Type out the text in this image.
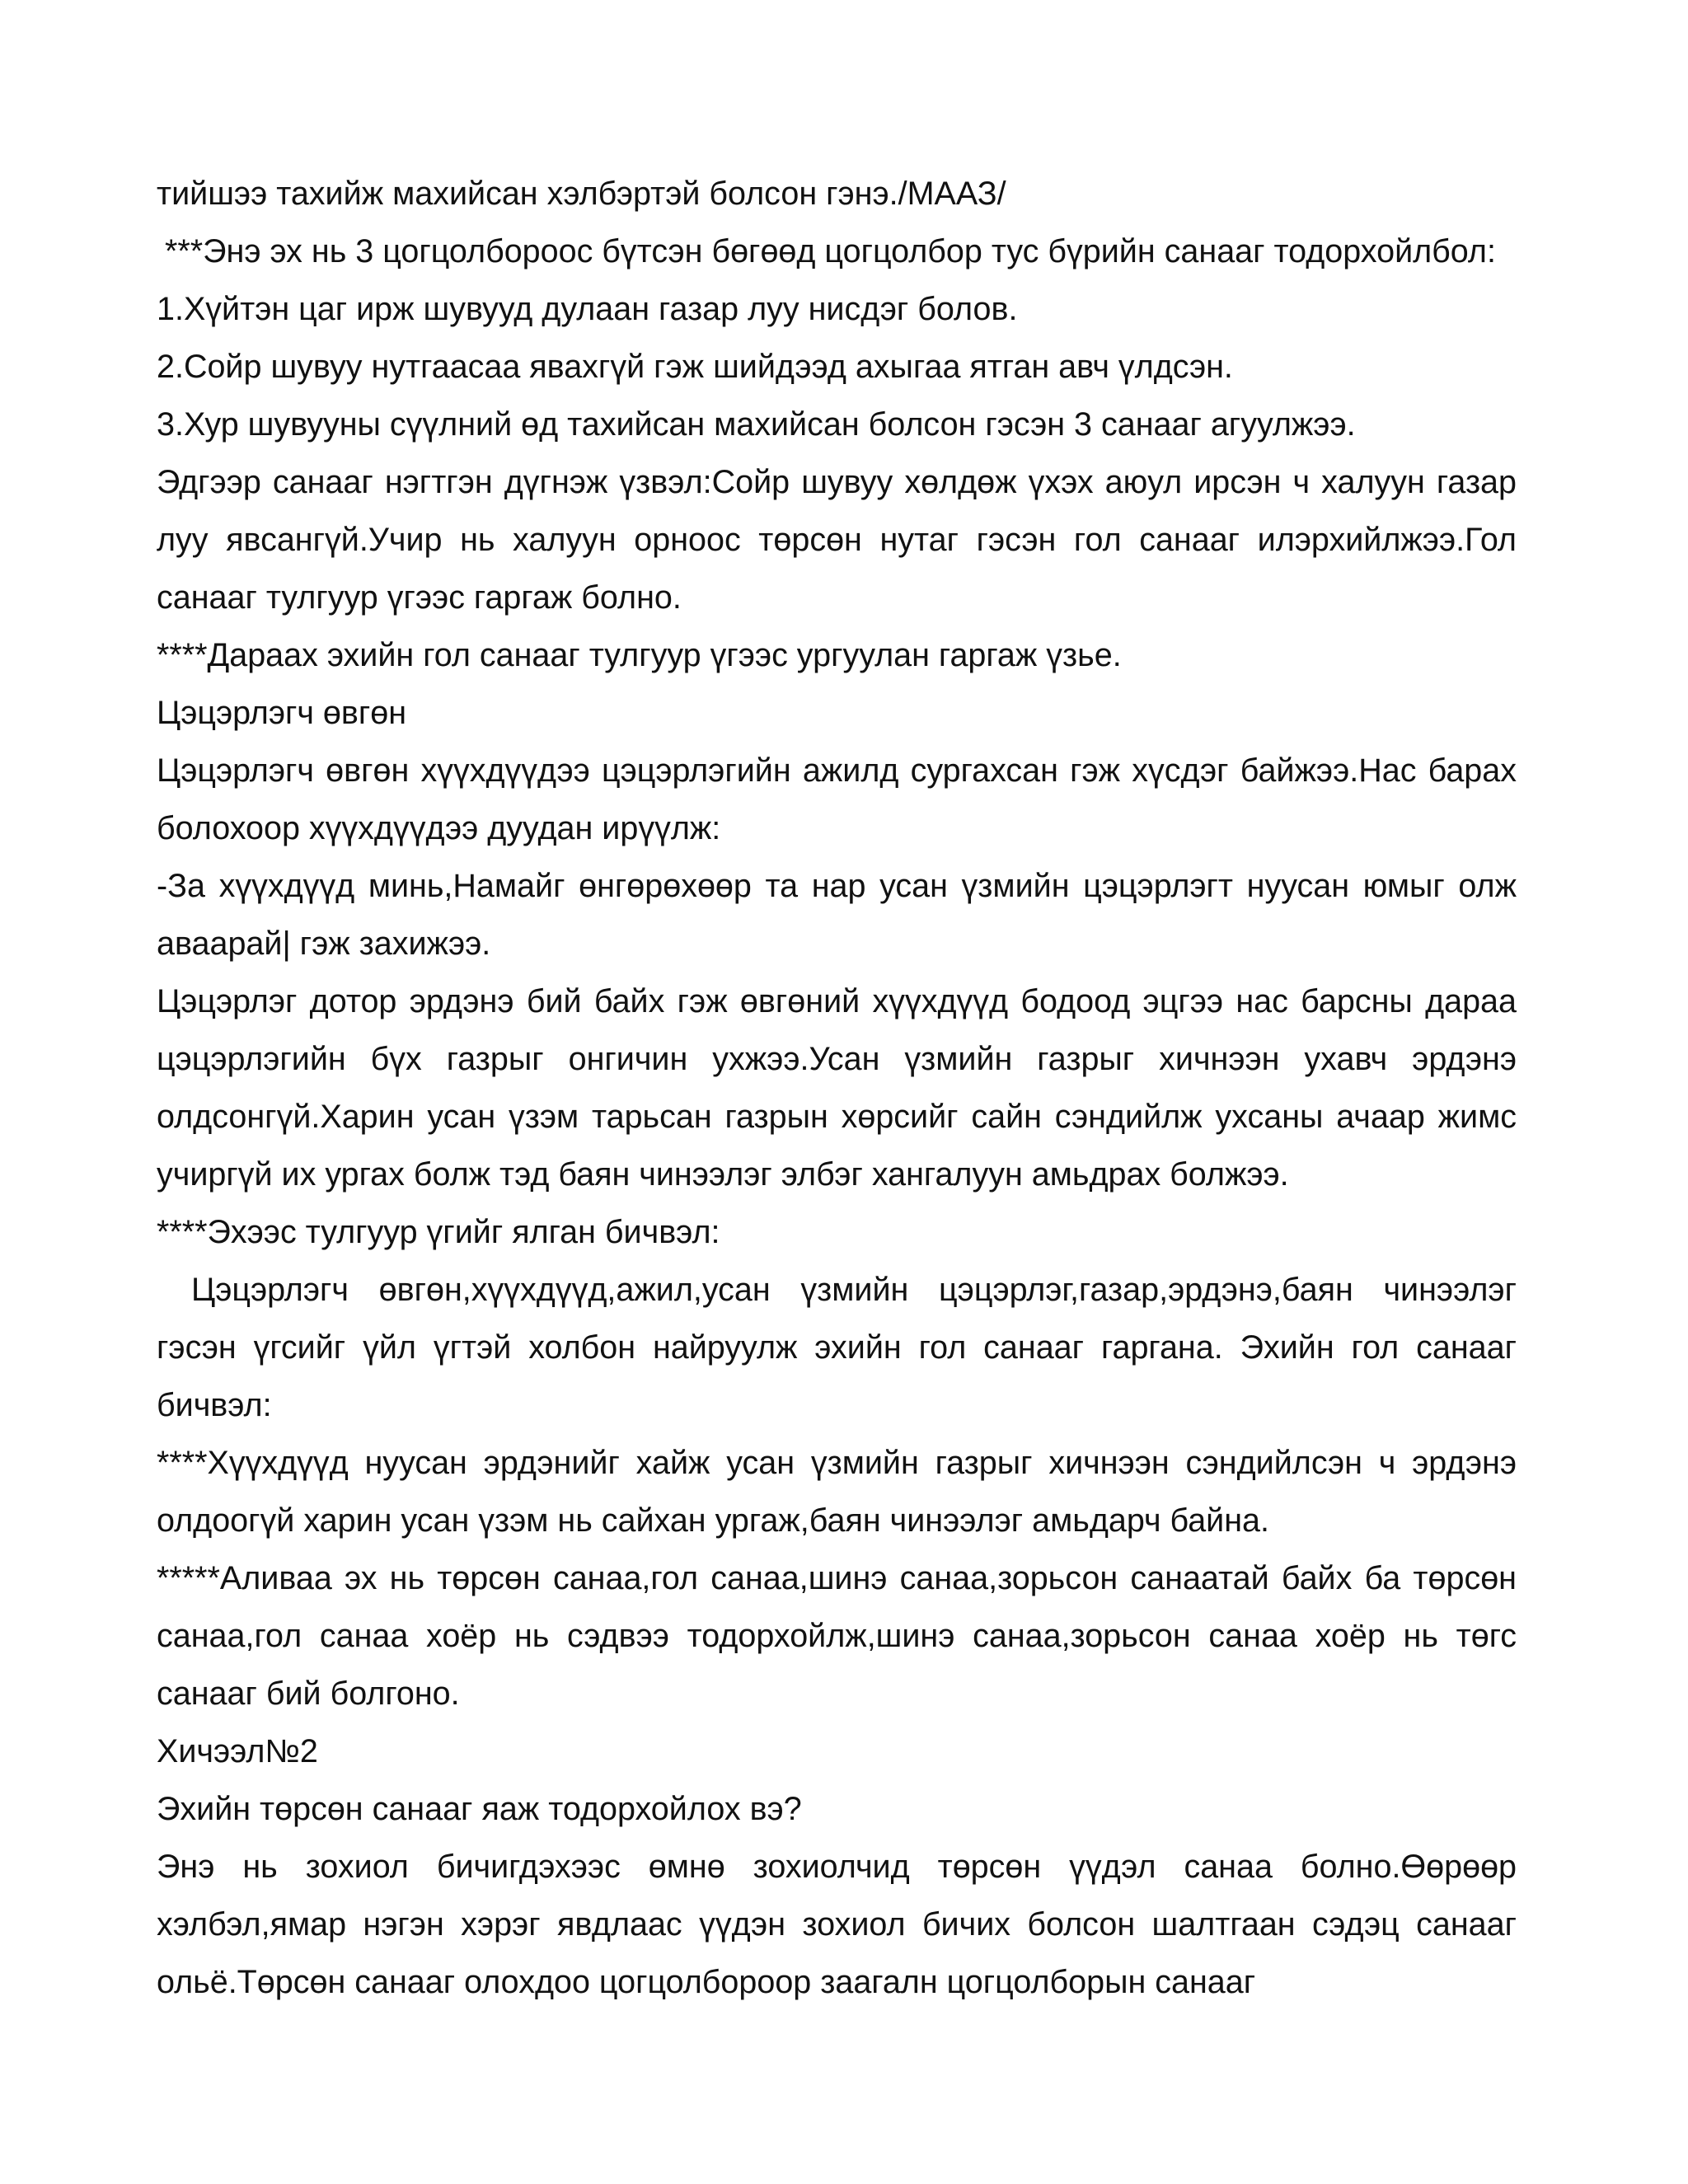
тийшээ тахийж махийсан хэлбэртэй болсон гэнэ./МААЗ/

***Энэ эх нь 3 цогцолбороос бүтсэн бөгөөд цогцолбор тус бүрийн санааг тодорхойлбол:

1.Хүйтэн цаг ирж шувууд дулаан газар луу нисдэг болов.

2.Сойр шувуу нутгаасаа явахгүй гэж шийдээд ахыгаа ятган авч үлдсэн.

3.Хур шувууны сүүлний өд тахийсан махийсан болсон гэсэн 3 санааг агуулжээ.

Эдгээр санааг нэгтгэн дүгнэж үзвэл:Сойр шувуу хөлдөж үхэх аюул ирсэн ч халуун газар луу явсангүй.Учир нь халуун орноос төрсөн нутаг гэсэн гол санааг илэрхийлжээ.Гол санааг тулгуур үгээс гаргаж болно.

****Дараах эхийн гол санааг тулгуур үгээс ургуулан гаргаж үзье.

Цэцэрлэгч өвгөн

Цэцэрлэгч өвгөн хүүхдүүдээ цэцэрлэгийн ажилд сургахсан гэж хүсдэг байжээ.Нас барах болохоор хүүхдүүдээ дуудан ирүүлж:

-За хүүхдүүд минь,Намайг өнгөрөхөөр та нар усан үзмийн цэцэрлэгт нуусан юмыг олж аваарай| гэж захижээ.

Цэцэрлэг дотор эрдэнэ бий байх гэж өвгөний хүүхдүүд бодоод эцгээ нас барсны дараа цэцэрлэгийн бүх газрыг онгичин ухжээ.Усан үзмийн газрыг хичнээн ухавч эрдэнэ олдсонгүй.Харин усан үзэм тарьсан газрын хөрсийг сайн сэндийлж ухсаны ачаар жимс учиргүй их ургах болж тэд баян чинээлэг элбэг хангалуун амьдрах болжээ.

****Эхээс тулгуур үгийг ялган бичвэл:

Цэцэрлэгч өвгөн,хүүхдүүд,ажил,усан үзмийн цэцэрлэг,газар,эрдэнэ,баян чинээлэг гэсэн үгсийг үйл үгтэй холбон найруулж эхийн гол санааг гаргана. Эхийн гол санааг бичвэл:

****Хүүхдүүд нуусан эрдэнийг хайж усан үзмийн газрыг хичнээн сэндийлсэн ч эрдэнэ олдоогүй харин усан үзэм нь сайхан ургаж,баян чинээлэг амьдарч байна.

*****Аливаа эх нь төрсөн санаа,гол санаа,шинэ санаа,зорьсон санаатай байх ба төрсөн санаа,гол санаа хоёр нь сэдвээ тодорхойлж,шинэ санаа,зорьсон санаа хоёр нь төгс санааг бий болгоно.

Хичээл№2

Эхийн төрсөн санааг яаж тодорхойлох вэ?

Энэ нь зохиол бичигдэхээс өмнө зохиолчид төрсөн үүдэл санаа болно.Өөрөөр хэлбэл,ямар нэгэн хэрэг явдлаас үүдэн зохиол бичих болсон шалтгаан сэдэц санааг ольё.Төрсөн санааг олохдоо цогцолбороор заагалн цогцолборын санааг
